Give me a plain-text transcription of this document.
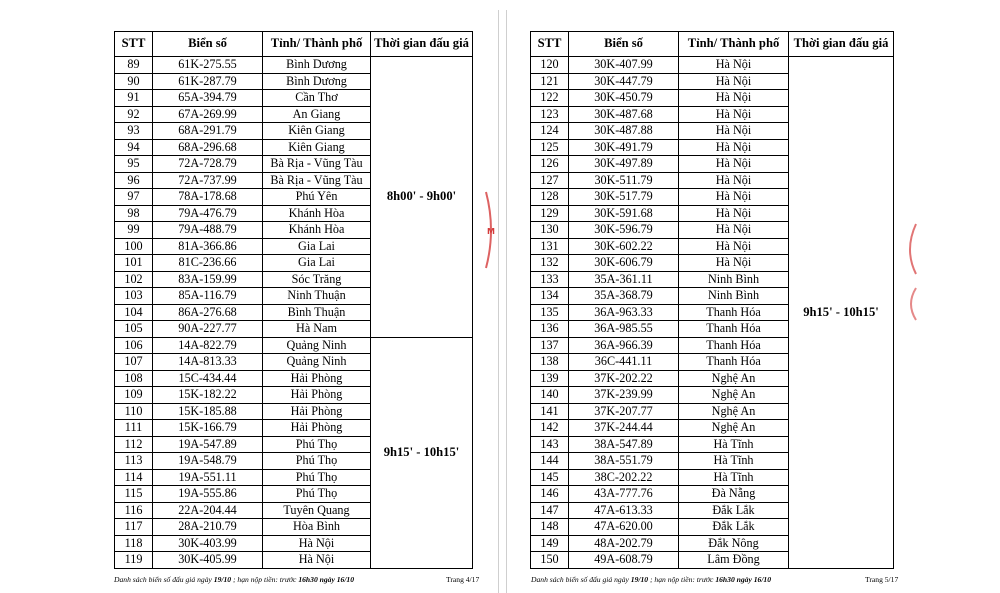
STT	Biển số	Tỉnh/ Thành phố	Thời gian đấu giá
89	61K-275.55	Bình Dương	8h00' - 9h00'
90	61K-287.79	Bình Dương	
91	65A-394.79	Cần Thơ	
92	67A-269.99	An Giang	
93	68A-291.79	Kiên Giang	
94	68A-296.68	Kiên Giang	
95	72A-728.79	Bà Rịa - Vũng Tàu	
96	72A-737.99	Bà Rịa - Vũng Tàu	
97	78A-178.68	Phú Yên	
98	79A-476.79	Khánh Hòa	
99	79A-488.79	Khánh Hòa	
100	81A-366.86	Gia Lai	
101	81C-236.66	Gia Lai	
102	83A-159.99	Sóc Trăng	
103	85A-116.79	Ninh Thuận	
104	86A-276.68	Bình Thuận	
105	90A-227.77	Hà Nam	
106	14A-822.79	Quảng Ninh	9h15' - 10h15'
107	14A-813.33	Quảng Ninh	
108	15C-434.44	Hải Phòng	
109	15K-182.22	Hải Phòng	
110	15K-185.88	Hải Phòng	
111	15K-166.79	Hải Phòng	
112	19A-547.89	Phú Thọ	
113	19A-548.79	Phú Thọ	
114	19A-551.11	Phú Thọ	
115	19A-555.86	Phú Thọ	
116	22A-204.44	Tuyên Quang	
117	28A-210.79	Hòa Bình	
118	30K-403.99	Hà Nội	
119	30K-405.99	Hà Nội	
Danh sách biển số đấu giá ngày 19/10 ; hạn nộp tiền: trước 16h30 ngày 16/10	Trang 4/17
STT	Biển số	Tỉnh/ Thành phố	Thời gian đấu giá
120	30K-407.99	Hà Nội	9h15' - 10h15'
121	30K-447.79	Hà Nội	
122	30K-450.79	Hà Nội	
123	30K-487.68	Hà Nội	
124	30K-487.88	Hà Nội	
125	30K-491.79	Hà Nội	
126	30K-497.89	Hà Nội	
127	30K-511.79	Hà Nội	
128	30K-517.79	Hà Nội	
129	30K-591.68	Hà Nội	
130	30K-596.79	Hà Nội	
131	30K-602.22	Hà Nội	
132	30K-606.79	Hà Nội	
133	35A-361.11	Ninh Bình	
134	35A-368.79	Ninh Bình	
135	36A-963.33	Thanh Hóa	
136	36A-985.55	Thanh Hóa	
137	36A-966.39	Thanh Hóa	
138	36C-441.11	Thanh Hóa	
139	37K-202.22	Nghệ An	
140	37K-239.99	Nghệ An	
141	37K-207.77	Nghệ An	
142	37K-244.44	Nghệ An	
143	38A-547.89	Hà Tĩnh	
144	38A-551.79	Hà Tĩnh	
145	38C-202.22	Hà Tĩnh	
146	43A-777.76	Đà Nẵng	
147	47A-613.33	Đắk Lắk	
148	47A-620.00	Đắk Lắk	
149	48A-202.79	Đắk Nông	
150	49A-608.79	Lâm Đồng	
Danh sách biển số đấu giá ngày 19/10 ; hạn nộp tiền: trước 16h30 ngày 16/10	Trang 5/17
M
